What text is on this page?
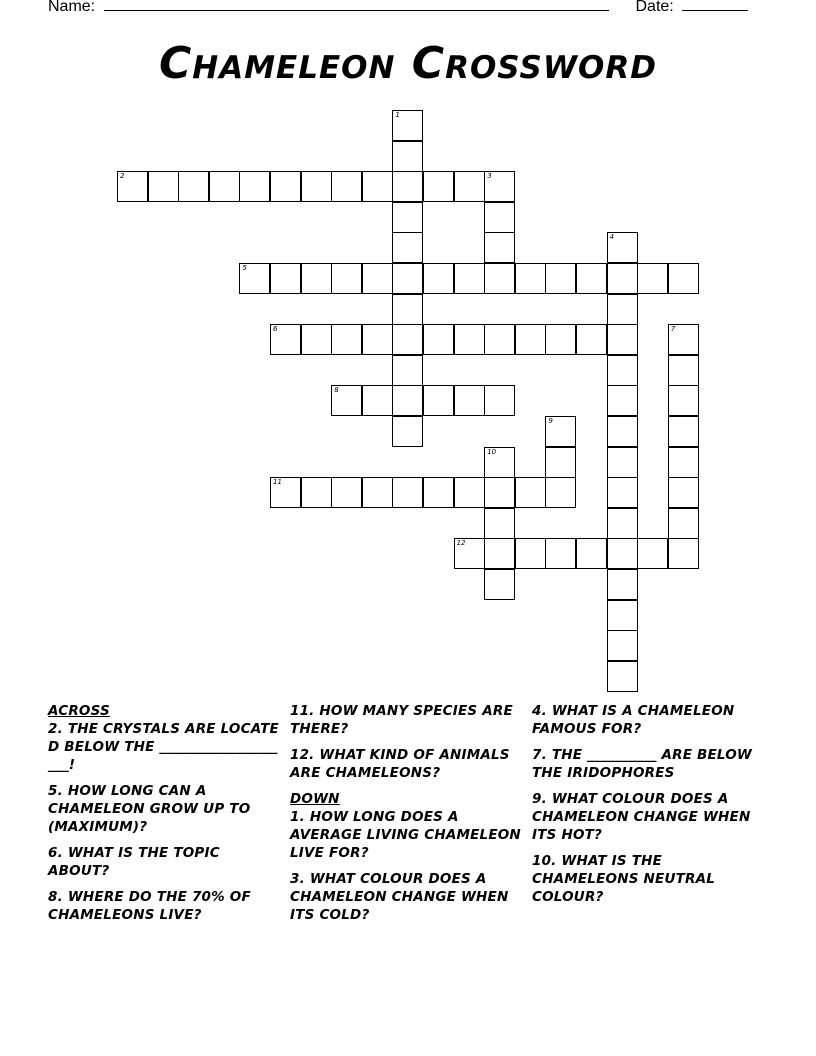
Name:	Date:
Chameleon Crossword
1
2	3
4
5
6	7
8
9
10
11
12

ACROSS

2. THE CRYSTALS ARE LOCATED BELOW THE ____________________!

5. HOW LONG CAN A CHAMELEON GROW UP TO (MAXIMUM)?

6. WHAT IS THE TOPIC ABOUT?

8. WHERE DO THE 70% OF CHAMELEONS LIVE?

11. HOW MANY SPECIES ARE THERE?

12. WHAT KIND OF ANIMALS ARE CHAMELEONS?

DOWN

1. HOW LONG DOES A AVERAGE LIVING CHAMELEON LIVE FOR?

3. WHAT COLOUR DOES A CHAMELEON CHANGE WHEN ITS COLD?

4. WHAT IS A CHAMELEON FAMOUS FOR?

7. THE __________ ARE BELOW THE IRIDOPHORES

9. WHAT COLOUR DOES A CHAMELEON CHANGE WHEN ITS HOT?

10. WHAT IS THE CHAMELEONS NEUTRAL COLOUR?
